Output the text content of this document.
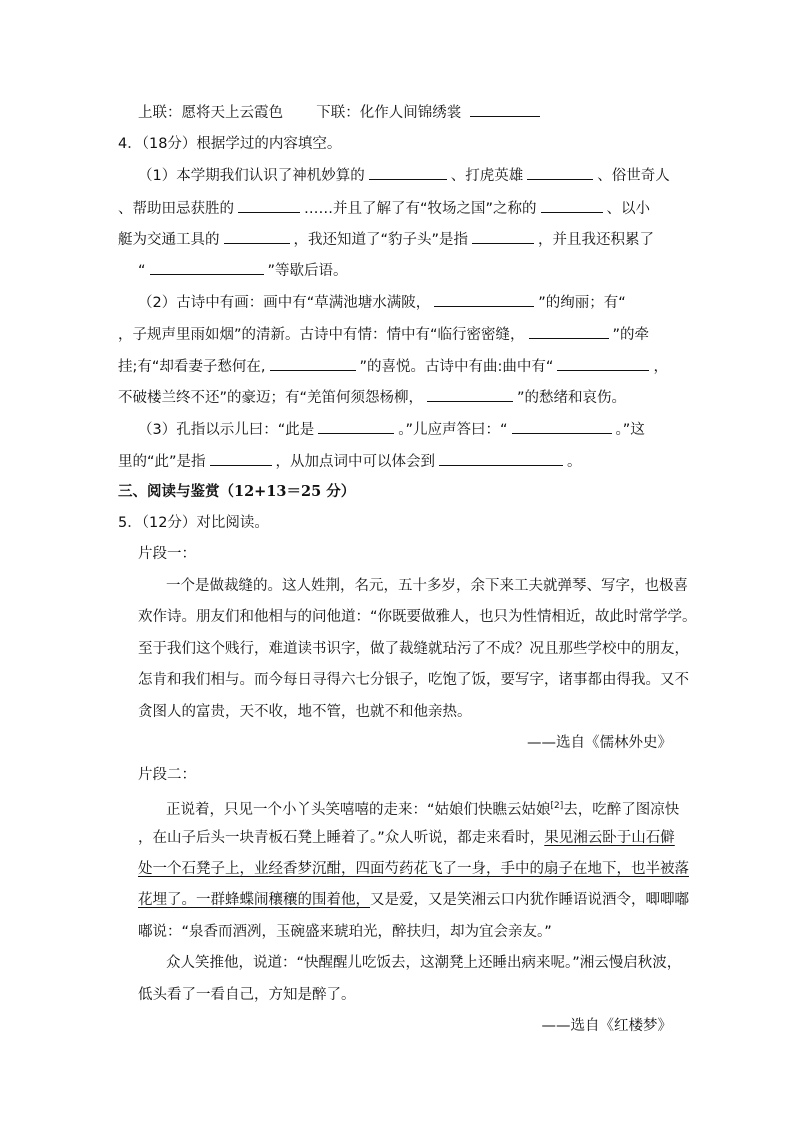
上联：愿将天上云霞色 下联：化作人间锦绣裳
4．（18分）根据学过的内容填空。
（1）本学期我们认识了神机妙算的	、打虎英雄	、俗世奇人
、帮助田忌获胜的	……并且了解了有“牧场之国”之称的	、以小
艇为交通工具的	，我还知道了“豹子头”是指	，并且我还积累了
“	”等歇后语。
（2）古诗中有画：画中有“草满池塘水满陂，	”的绚丽；有“
，子规声里雨如烟”的清新。古诗中有情：情中有“临行密密缝，	”的牵
挂;有“却看妻子愁何在,	”的喜悦。古诗中有曲:曲中有“	，
不破楼兰终不还”的豪迈；有“羌笛何须怨杨柳，	”的愁绪和哀伤。
（3）孔指以示儿曰：“此是	。”儿应声答曰：“	。”这
里的“此”是指	，从加点词中可以体会到	。
三、阅读与鉴赏（12+13＝25 分）
5．（12分）对比阅读。
片段一：
一个是做裁缝的。这人姓荆，名元，五十多岁，余下来工夫就弹琴、写字，也极喜
欢作诗。朋友们和他相与的问他道：“你既要做雅人，也只为性情相近，故此时常学学。
至于我们这个贱行，难道读书识字，做了裁缝就玷污了不成？况且那些学校中的朋友，
怎肯和我们相与。而今每日寻得六七分银子，吃饱了饭，要写字，诸事都由得我。又不
贪图人的富贵，天不收，地不管，也就不和他亲热。
——选自《儒林外史》
片段二：
正说着，只见一个小丫头笑嘻嘻的走来：“姑娘们快瞧云姑娘[2]去，吃醉了图凉快
，在山子后头一块青板石凳上睡着了。”众人听说，都走来看时，果见湘云卧于山石僻
处一个石凳子上，业经香梦沉酣，四面芍药花飞了一身，手中的扇子在地下，也半被落
花埋了。一群蜂蝶闹穰穰的围着他，又是爱，又是笑湘云口内犹作睡语说酒令，唧唧嘟
嘟说：“泉香而酒冽，玉碗盛来琥珀光，醉扶归，却为宜会亲友。”
众人笑推他，说道：“快醒醒儿吃饭去，这潮凳上还睡出病来呢。”湘云慢启秋波，
低头看了一看自己，方知是醉了。
——选自《红楼梦》
